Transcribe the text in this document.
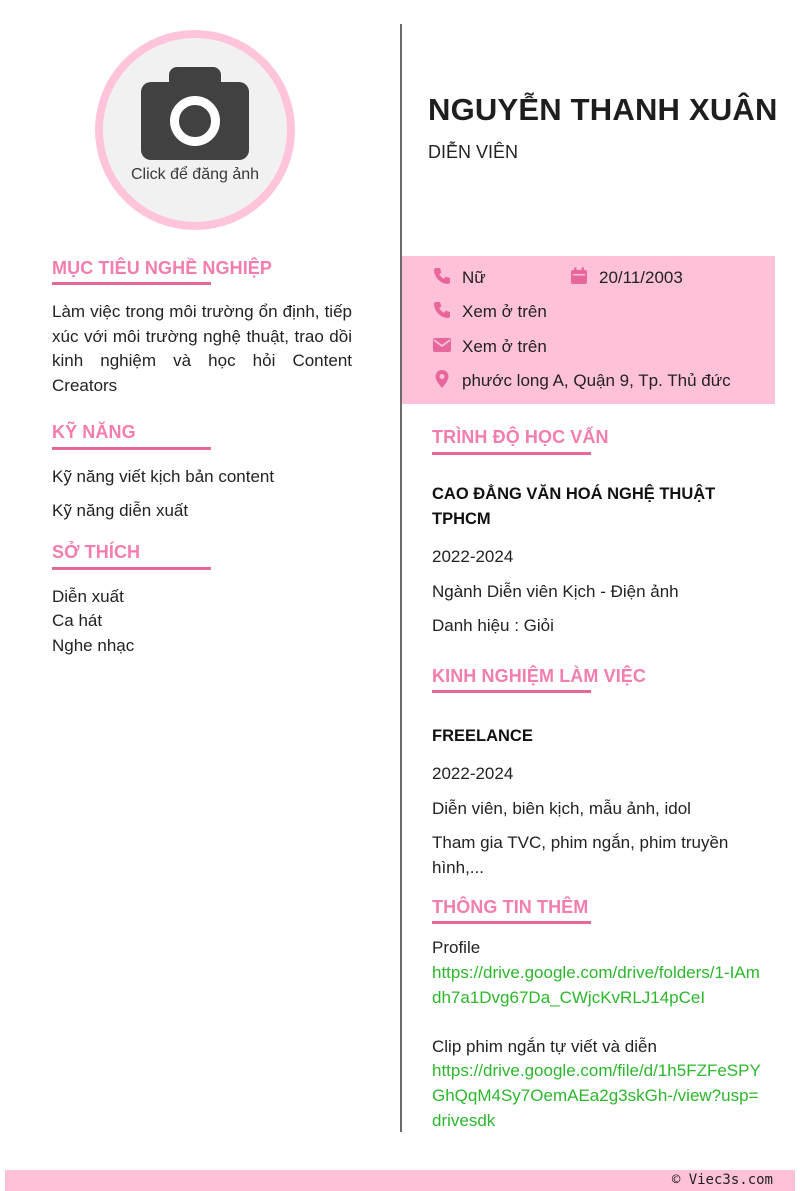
Click để đăng ảnh
MỤC TIÊU NGHỀ NGHIỆP
Làm việc trong môi trường ổn định, tiếp xúc với môi trường nghệ thuật, trao dồi kinh nghiệm và học hỏi Content Creators
KỸ NĂNG
Kỹ năng viết kịch bản content
Kỹ năng diễn xuất
SỞ THÍCH
Diễn xuất
Ca hát
Nghe nhạc
NGUYỄN THANH XUÂN
DIỄN VIÊN
Nữ	20/11/2003
Xem ở trên
Xem ở trên
phước long A, Quận 9, Tp. Thủ đức
TRÌNH ĐỘ HỌC VẤN
CAO ĐẲNG VĂN HOÁ NGHỆ THUẬT TPHCM
2022-2024
Ngành Diễn viên Kịch - Điện ảnh
Danh hiệu : Giỏi
KINH NGHIỆM LÀM VIỆC
FREELANCE
2022-2024
Diễn viên, biên kịch, mẫu ảnh, idol
Tham gia TVC, phim ngắn, phim truyền hình,...
THÔNG TIN THÊM
Profile
https://drive.google.com/drive/folders/1-IAmdh7a1Dvg67Da_CWjcKvRLJ14pCeI
Clip phim ngắn tự viết và diễn
https://drive.google.com/file/d/1h5FZFeSPYGhQqM4Sy7OemAEa2g3skGh-/view?usp=drivesdk
© Viec3s.com
